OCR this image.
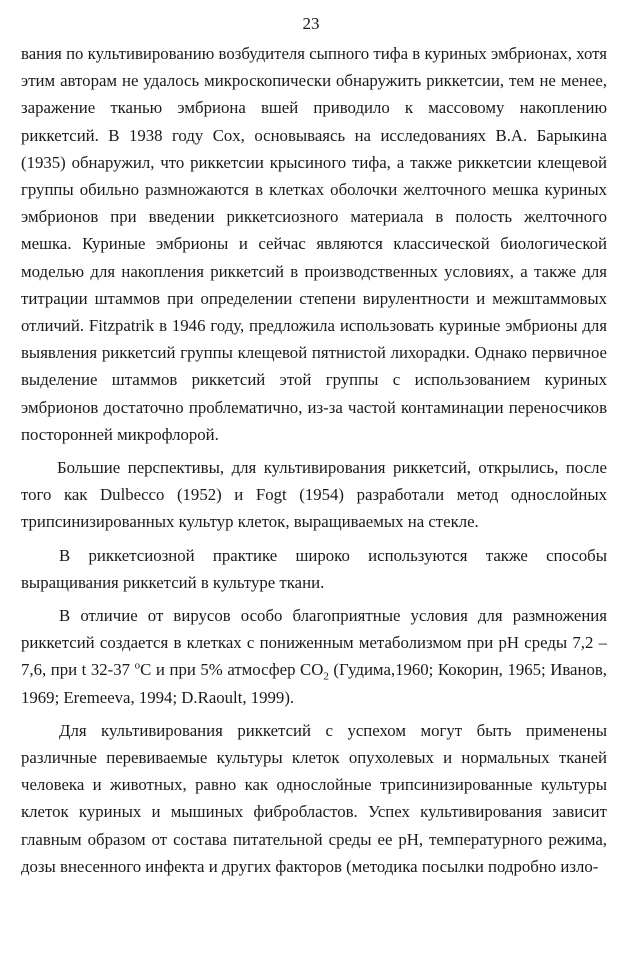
23

вания по культивированию возбудителя сыпного тифа в куриных эмбрионах, хотя этим авторам не удалось микроскопически обнаружить риккетсии, тем не менее, заражение тканью эмбриона вшей приводило к массовому накоплению риккетсий. В 1938 году Cox, основываясь на исследованиях В.А. Барыкина (1935) обнаружил, что риккетсии крысиного тифа, а также риккетсии клещевой группы обильно размножаются в клетках оболочки желточного мешка куриных эмбрионов при введении риккетсиозного материала в полость желточного мешка. Куриные эмбрионы и сейчас являются классической биологической моделью для накопления риккетсий в производственных условиях, а также для титрации штаммов при определении степени вирулентности и межштаммовых отличий. Fitzpatrik в 1946 году, предложила использовать куриные эмбрионы для выявления риккетсий группы клещевой пятнистой лихорадки. Однако первичное выделение штаммов риккетсий этой группы с использованием куриных эмбрионов достаточно проблематично, из-за частой контаминации переносчиков посторонней микрофлорой.

Большие перспективы, для культивирования риккетсий, открылись, после того как Dulbecco (1952) и Fogt (1954) разработали метод однослойных трипсинизированных культур клеток, выращиваемых на стекле.

В риккетсиозной практике широко используются также способы выращивания риккетсий в культуре ткани.

В отличие от вирусов особо благоприятные условия для размножения риккетсий создается в клетках с пониженным метаболизмом при pH среды 7,2 – 7,6, при t 32-37 $^о$С и при 5% атмосфер $СО_2$ (Гудима,1960; Кокорин, 1965; Иванов, 1969; Eremeeva, 1994; D.Raoult, 1999).

Для культивирования риккетсий с успехом могут быть применены различные перевиваемые культуры клеток опухолевых и нормальных тканей человека и животных, равно как однослойные трипсинизированные культуры клеток куриных и мышиных фибробластов. Успех культивирования зависит главным образом от состава питательной среды ее pH, температурного режима, дозы внесенного инфекта и других факторов (методика посылки подробно изло-
